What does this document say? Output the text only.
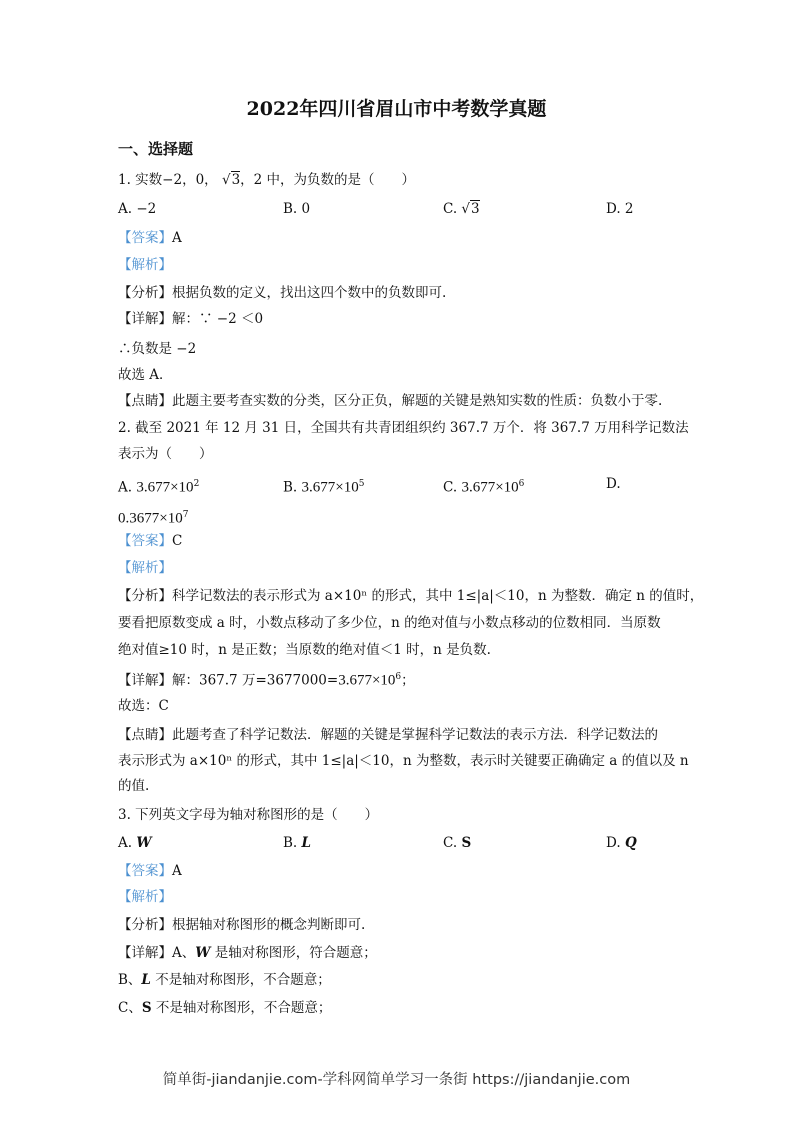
2022年四川省眉山市中考数学真题
一、选择题
1. 实数−2，0， √3，2 中，为负数的是（　　）
A. −2	B. 0	C. √3	D. 2
【答案】A
【解析】
【分析】根据负数的定义，找出这四个数中的负数即可.
【详解】解：∵ −2 ＜0
∴负数是 −2
故选 A．
【点睛】此题主要考查实数的分类，区分正负，解题的关键是熟知实数的性质：负数小于零.
2. 截至 2021 年 12 月 31 日，全国共有共青团组织约 367.7 万个．将 367.7 万用科学记数法
表示为（　　）
A. $3.677\times 10^2$	B. $3.677\times 10^5$	C. $3.677\times 10^6$	D.
$0.3677\times 10^7$
【答案】C
【解析】
【分析】科学记数法的表示形式为 a×10ⁿ 的形式，其中 1≤|a|＜10，n 为整数．确定 n 的值时，
要看把原数变成 a 时，小数点移动了多少位，n 的绝对值与小数点移动的位数相同．当原数
绝对值≥10 时，n 是正数；当原数的绝对值＜1 时，n 是负数.
【详解】解：367.7 万$=3677000=3.677\times 10^6$；
故选：C
【点睛】此题考查了科学记数法．解题的关键是掌握科学记数法的表示方法．科学记数法的
表示形式为 a×10ⁿ 的形式，其中 1≤|a|＜10，n 为整数，表示时关键要正确确定 a 的值以及 n
的值.
3. 下列英文字母为轴对称图形的是（　　）
A. W	B. L	C. S	D. Q
【答案】A
【解析】
【分析】根据轴对称图形的概念判断即可.
【详解】A、W 是轴对称图形，符合题意；
B、L 不是轴对称图形，不合题意；
C、S 不是轴对称图形，不合题意；
简单街-jiandanjie.com-学科网简单学习一条街 https://jiandanjie.com
